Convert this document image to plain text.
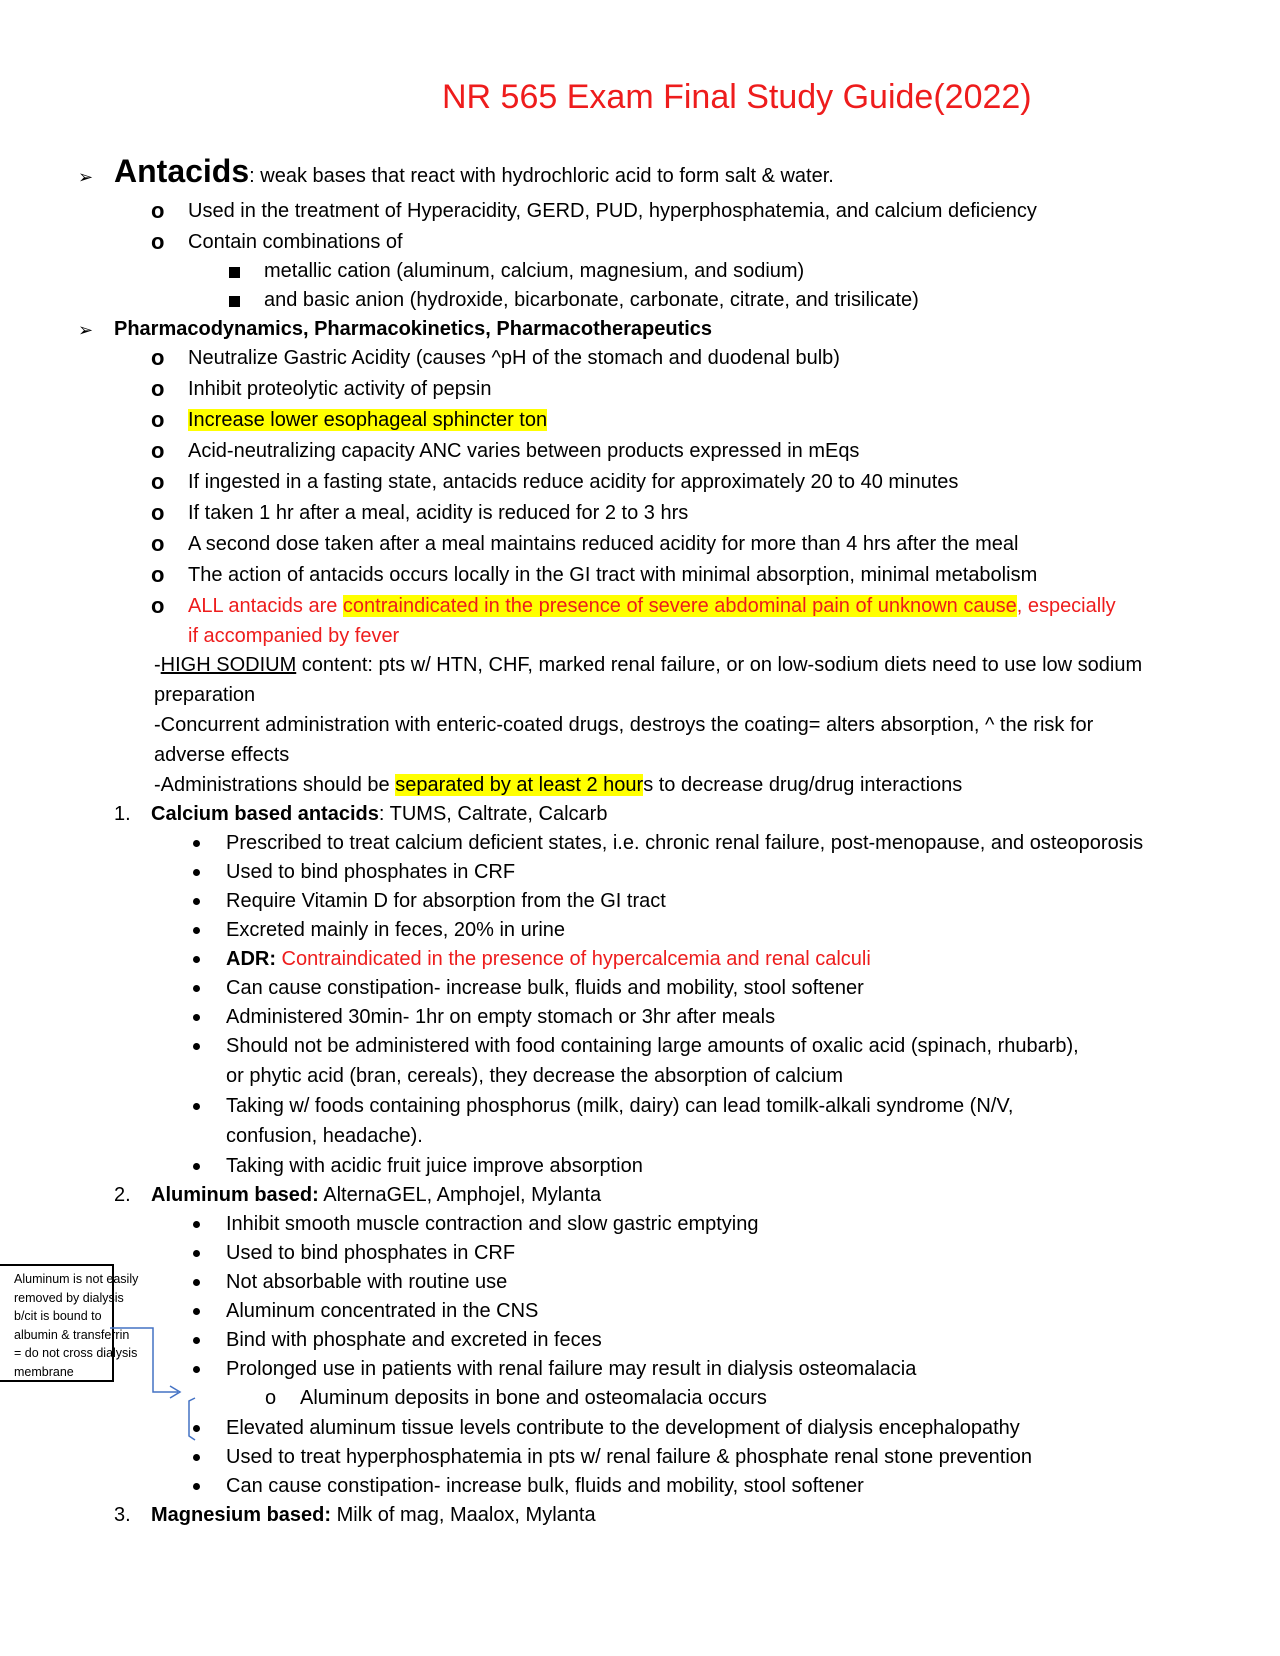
NR 565 Exam Final Study Guide(2022)
➢ Antacids: weak bases that react with hydrochloric acid to form salt & water.
o Used in the treatment of Hyperacidity, GERD, PUD, hyperphosphatemia, and calcium deficiency
o Contain combinations of
metallic cation (aluminum, calcium, magnesium, and sodium)
and basic anion (hydroxide, bicarbonate, carbonate, citrate, and trisilicate)
➢ Pharmacodynamics, Pharmacokinetics, Pharmacotherapeutics
o Neutralize Gastric Acidity (causes ^pH of the stomach and duodenal bulb)
o Inhibit proteolytic activity of pepsin
o Increase lower esophageal sphincter ton
o Acid-neutralizing capacity ANC varies between products expressed in mEqs
o If ingested in a fasting state, antacids reduce acidity for approximately 20 to 40 minutes
o If taken 1 hr after a meal, acidity is reduced for 2 to 3 hrs
o A second dose taken after a meal maintains reduced acidity for more than 4 hrs after the meal
o The action of antacids occurs locally in the GI tract with minimal absorption, minimal metabolism
o ALL antacids are contraindicated in the presence of severe abdominal pain of unknown cause, especially
if accompanied by fever
-HIGH SODIUM content: pts w/ HTN, CHF, marked renal failure, or on low-sodium diets need to use low sodium
preparation
-Concurrent administration with enteric-coated drugs, destroys the coating= alters absorption, ^ the risk for
adverse effects
-Administrations should be separated by at least 2 hours to decrease drug/drug interactions
1. Calcium based antacids: TUMS, Caltrate, Calcarb
Prescribed to treat calcium deficient states, i.e. chronic renal failure, post-menopause, and osteoporosis
Used to bind phosphates in CRF
Require Vitamin D for absorption from the GI tract
Excreted mainly in feces, 20% in urine
ADR: Contraindicated in the presence of hypercalcemia and renal calculi
Can cause constipation- increase bulk, fluids and mobility, stool softener
Administered 30min- 1hr on empty stomach or 3hr after meals
Should not be administered with food containing large amounts of oxalic acid (spinach, rhubarb),
or phytic acid (bran, cereals), they decrease the absorption of calcium
Taking w/ foods containing phosphorus (milk, dairy) can lead tomilk-alkali syndrome (N/V,
confusion, headache).
Taking with acidic fruit juice improve absorption
2. Aluminum based: AlternaGEL, Amphojel, Mylanta
Inhibit smooth muscle contraction and slow gastric emptying
Used to bind phosphates in CRF
Not absorbable with routine use
Aluminum concentrated in the CNS
Bind with phosphate and excreted in feces
Prolonged use in patients with renal failure may result in dialysis osteomalacia
o Aluminum deposits in bone and osteomalacia occurs
Elevated aluminum tissue levels contribute to the development of dialysis encephalopathy
Used to treat hyperphosphatemia in pts w/ renal failure & phosphate renal stone prevention
Can cause constipation- increase bulk, fluids and mobility, stool softener
3. Magnesium based: Milk of mag, Maalox, Mylanta
Aluminum is not easily
removed by dialysis
b/cit is bound to
albumin & transferrin
= do not cross dialysis
membrane
